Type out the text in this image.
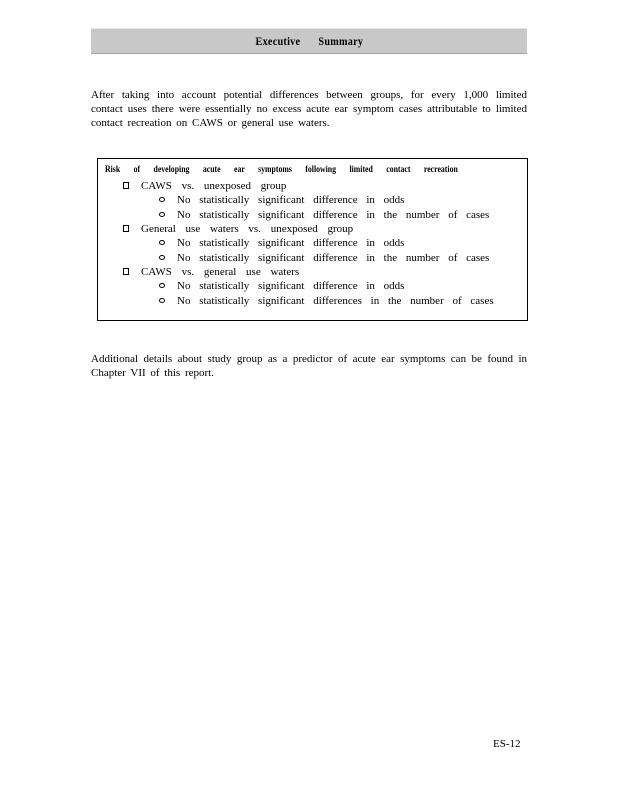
Executive Summary

After taking into account potential differences between groups, for every 1,000 limited contact uses there were essentially no excess acute ear symptom cases attributable to limited contact recreation on CAWS or general use waters.

Risk of developing acute ear symptoms following limited contact recreation
CAWS vs. unexposed group
No statistically significant difference in odds
No statistically significant difference in the number of cases
General use waters vs. unexposed group
No statistically significant difference in odds
No statistically significant difference in the number of cases
CAWS vs. general use waters
No statistically significant difference in odds
No statistically significant differences in the number of cases

Additional details about study group as a predictor of acute ear symptoms can be found in Chapter VII of this report.

ES-12
